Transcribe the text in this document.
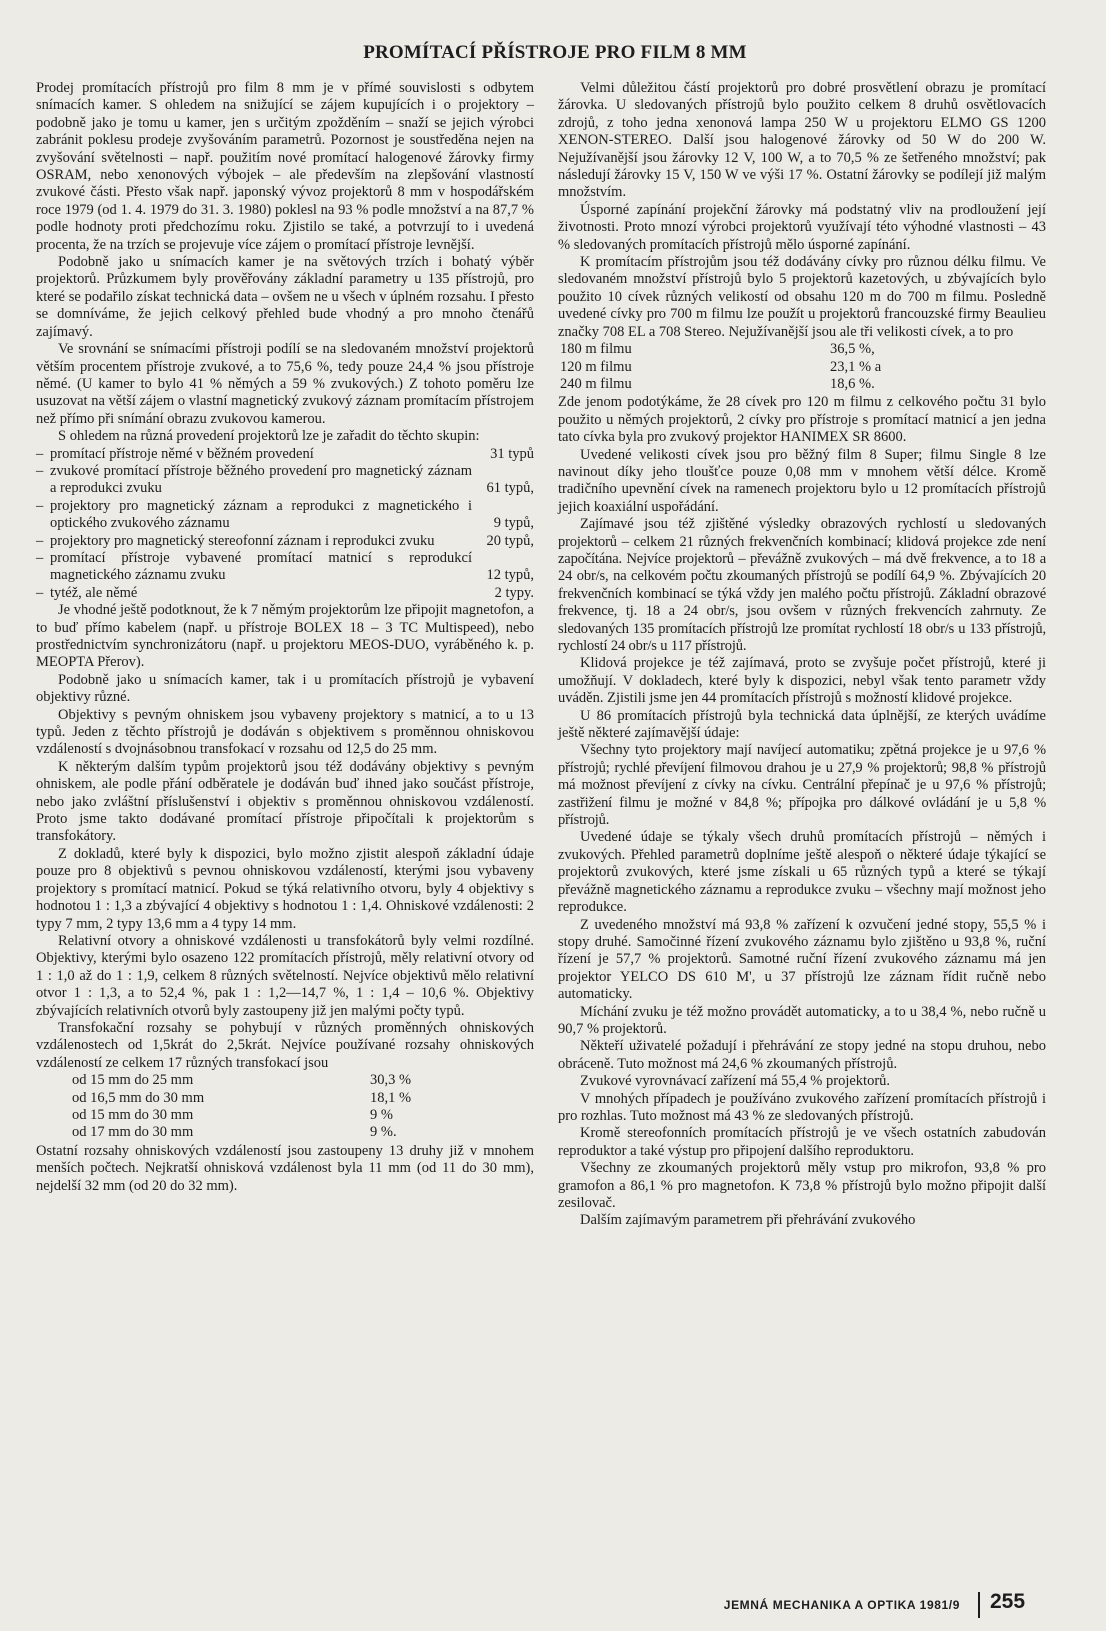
PROMÍTACÍ PŘÍSTROJE PRO FILM 8 MM

Prodej promítacích přístrojů pro film 8 mm je v přímé souvislosti s odbytem snímacích kamer. S ohledem na snižující se zájem kupujících i o projektory – podobně jako je tomu u kamer, jen s určitým zpožděním – snaží se jejich výrobci zabránit poklesu prodeje zvyšováním parametrů. Pozornost je soustředěna nejen na zvyšování světelnosti – např. použitím nové promítací halogenové žárovky firmy OSRAM, nebo xenonových výbojek – ale především na zlepšování vlastností zvukové části. Přesto však např. japonský vývoz projektorů 8 mm v hospodářském roce 1979 (od 1. 4. 1979 do 31. 3. 1980) poklesl na 93 % podle množství a na 87,7 % podle hodnoty proti předchozímu roku. Zjistilo se také, a potvrzují to i uvedená procenta, že na trzích se projevuje více zájem o promítací přístroje levnější.

Podobně jako u snímacích kamer je na světových trzích i bohatý výběr projektorů. Průzkumem byly prověřovány základní parametry u 135 přístrojů, pro které se podařilo získat technická data – ovšem ne u všech v úplném rozsahu. I přesto se domníváme, že jejich celkový přehled bude vhodný a pro mnoho čtenářů zajímavý.

Ve srovnání se snímacími přístroji podílí se na sledovaném množství projektorů větším procentem přístroje zvukové, a to 75,6 %, tedy pouze 24,4 % jsou přístroje němé. (U kamer to bylo 41 % němých a 59 % zvukových.) Z tohoto poměru lze usuzovat na větší zájem o vlastní magnetický zvukový záznam promítacím přístrojem než přímo při snímání obrazu zvukovou kamerou.

S ohledem na různá provedení projektorů lze je zařadit do těchto skupin:

– promítací přístroje němé v běžném provedení	31 typů
– zvukové promítací přístroje běžného provedení pro magnetický záznam a reprodukci zvuku	61 typů,
– projektory pro magnetický záznam a reprodukci z magnetického i optického zvukového záznamu	9 typů,
– projektory pro magnetický stereofonní záznam i reprodukci zvuku	20 typů,
– promítací přístroje vybavené promítací matnicí s reprodukcí magnetického záznamu zvuku	12 typů,
– tytéž, ale němé	2 typy.

Je vhodné ještě podotknout, že k 7 němým projektorům lze připojit magnetofon, a to buď přímo kabelem (např. u přístroje BOLEX 18 – 3 TC Multispeed), nebo prostřednictvím synchronizátoru (např. u projektoru MEOS-DUO, vyráběného k. p. MEOPTA Přerov).

Podobně jako u snímacích kamer, tak i u promítacích přístrojů je vybavení objektivy různé.

Objektivy s pevným ohniskem jsou vybaveny projektory s matnicí, a to u 13 typů. Jeden z těchto přístrojů je dodáván s objektivem s proměnnou ohniskovou vzdáleností s dvojnásobnou transfokací v rozsahu od 12,5 do 25 mm.

K některým dalším typům projektorů jsou též dodávány objektivy s pevným ohniskem, ale podle přání odběratele je dodáván buď ihned jako součást přístroje, nebo jako zvláštní příslušenství i objektiv s proměnnou ohniskovou vzdáleností. Proto jsme takto dodávané promítací přístroje připočítali k projektorům s transfokátory.

Z dokladů, které byly k dispozici, bylo možno zjistit alespoň základní údaje pouze pro 8 objektivů s pevnou ohniskovou vzdáleností, kterými jsou vybaveny projektory s promítací matnicí. Pokud se týká relativního otvoru, byly 4 objektivy s hodnotou 1 : 1,3 a zbývající 4 objektivy s hodnotou 1 : 1,4. Ohniskové vzdálenosti: 2 typy 7 mm, 2 typy 13,6 mm a 4 typy 14 mm.

Relativní otvory a ohniskové vzdálenosti u transfokátorů byly velmi rozdílné. Objektivy, kterými bylo osazeno 122 promítacích přístrojů, měly relativní otvory od 1 : 1,0 až do 1 : 1,9, celkem 8 různých světelností. Nejvíce objektivů mělo relativní otvor 1 : 1,3, a to 52,4 %, pak 1 : 1,2—14,7 %, 1 : 1,4 – 10,6 %. Objektivy zbývajících relativních otvorů byly zastoupeny již jen malými počty typů.

Transfokační rozsahy se pohybují v různých proměnných ohniskových vzdálenostech od 1,5krát do 2,5krát. Nejvíce používané rozsahy ohniskových vzdáleností ze celkem 17 různých transfokací jsou

od 15 mm do 25 mm	30,3 %
od 16,5 mm do 30 mm	18,1 %
od 15 mm do 30 mm	9 %
od 17 mm do 30 mm	9 %.

Ostatní rozsahy ohniskových vzdáleností jsou zastoupeny 13 druhy již v mnohem menších počtech. Nejkratší ohnisková vzdálenost byla 11 mm (od 11 do 30 mm), nejdelší 32 mm (od 20 do 32 mm).

Velmi důležitou částí projektorů pro dobré prosvětlení obrazu je promítací žárovka. U sledovaných přístrojů bylo použito celkem 8 druhů osvětlovacích zdrojů, z toho jedna xenonová lampa 250 W u projektoru ELMO GS 1200 XENON-STEREO. Další jsou halogenové žárovky od 50 W do 200 W. Nejužívanější jsou žárovky 12 V, 100 W, a to 70,5 % ze šetřeného množství; pak následují žárovky 15 V, 150 W ve výši 17 %. Ostatní žárovky se podílejí již malým množstvím.

Úsporné zapínání projekční žárovky má podstatný vliv na prodloužení její životnosti. Proto mnozí výrobci projektorů využívají této výhodné vlastnosti – 43 % sledovaných promítacích přístrojů mělo úsporné zapínání.

K promítacím přístrojům jsou též dodávány cívky pro různou délku filmu. Ve sledovaném množství přístrojů bylo 5 projektorů kazetových, u zbývajících bylo použito 10 cívek různých velikostí od obsahu 120 m do 700 m filmu. Posledně uvedené cívky pro 700 m filmu lze použít u projektorů francouzské firmy Beaulieu značky 708 EL a 708 Stereo. Nejužívanější jsou ale tři velikosti cívek, a to pro

180 m filmu	36,5 %,
120 m filmu	23,1 % a
240 m filmu	18,6 %.

Zde jenom podotýkáme, že 28 cívek pro 120 m filmu z celkového počtu 31 bylo použito u němých projektorů, 2 cívky pro přístroje s promítací matnicí a jen jedna tato cívka byla pro zvukový projektor HANIMEX SR 8600.

Uvedené velikosti cívek jsou pro běžný film 8 Super; filmu Single 8 lze navinout díky jeho tloušťce pouze 0,08 mm v mnohem větší délce. Kromě tradičního upevnění cívek na ramenech projektoru bylo u 12 promítacích přístrojů jejich koaxiální uspořádání.

Zajímavé jsou též zjištěné výsledky obrazových rychlostí u sledovaných projektorů – celkem 21 různých frekvenčních kombinací; klidová projekce zde není započítána. Nejvíce projektorů – převážně zvukových – má dvě frekvence, a to 18 a 24 obr/s, na celkovém počtu zkoumaných přístrojů se podílí 64,9 %. Zbývajících 20 frekvenčních kombinací se týká vždy jen malého počtu přístrojů. Základní obrazové frekvence, tj. 18 a 24 obr/s, jsou ovšem v různých frekvencích zahrnuty. Ze sledovaných 135 promítacích přístrojů lze promítat rychlostí 18 obr/s u 133 přístrojů, rychlostí 24 obr/s u 117 přístrojů.

Klidová projekce je též zajímavá, proto se zvyšuje počet přístrojů, které ji umožňují. V dokladech, které byly k dispozici, nebyl však tento parametr vždy uváděn. Zjistili jsme jen 44 promítacích přístrojů s možností klidové projekce.

U 86 promítacích přístrojů byla technická data úplnější, ze kterých uvádíme ještě některé zajímavější údaje:

Všechny tyto projektory mají navíjecí automatiku; zpětná projekce je u 97,6 % přístrojů; rychlé převíjení filmovou drahou je u 27,9 % projektorů; 98,8 % přístrojů má možnost převíjení z cívky na cívku. Centrální přepínač je u 97,6 % přístrojů; zastřižení filmu je možné v 84,8 %; přípojka pro dálkové ovládání je u 5,8 % přístrojů.

Uvedené údaje se týkaly všech druhů promítacích přístrojů – němých i zvukových. Přehled parametrů doplníme ještě alespoň o některé údaje týkající se projektorů zvukových, které jsme získali u 65 různých typů a které se týkají převážně magnetického záznamu a reprodukce zvuku – všechny mají možnost jeho reprodukce.

Z uvedeného množství má 93,8 % zařízení k ozvučení jedné stopy, 55,5 % i stopy druhé. Samočinné řízení zvukového záznamu bylo zjištěno u 93,8 %, ruční řízení je 57,7 % projektorů. Samotné ruční řízení zvukového záznamu má jen projektor YELCO DS 610 M', u 37 přístrojů lze záznam řídit ručně nebo automaticky.

Míchání zvuku je též možno provádět automaticky, a to u 38,4 %, nebo ručně u 90,7 % projektorů.

Někteří uživatelé požadují i přehrávání ze stopy jedné na stopu druhou, nebo obráceně. Tuto možnost má 24,6 % zkoumaných přístrojů.

Zvukové vyrovnávací zařízení má 55,4 % projektorů.

V mnohých případech je používáno zvukového zařízení promítacích přístrojů i pro rozhlas. Tuto možnost má 43 % ze sledovaných přístrojů.

Kromě stereofonních promítacích přístrojů je ve všech ostatních zabudován reproduktor a také výstup pro připojení dalšího reproduktoru.

Všechny ze zkoumaných projektorů měly vstup pro mikrofon, 93,8 % pro gramofon a 86,1 % pro magnetofon. K 73,8 % přístrojů bylo možno připojit další zesilovač.

Dalším zajímavým parametrem při přehrávání zvukového

JEMNÁ MECHANIKA A OPTIKA 1981/9 255
